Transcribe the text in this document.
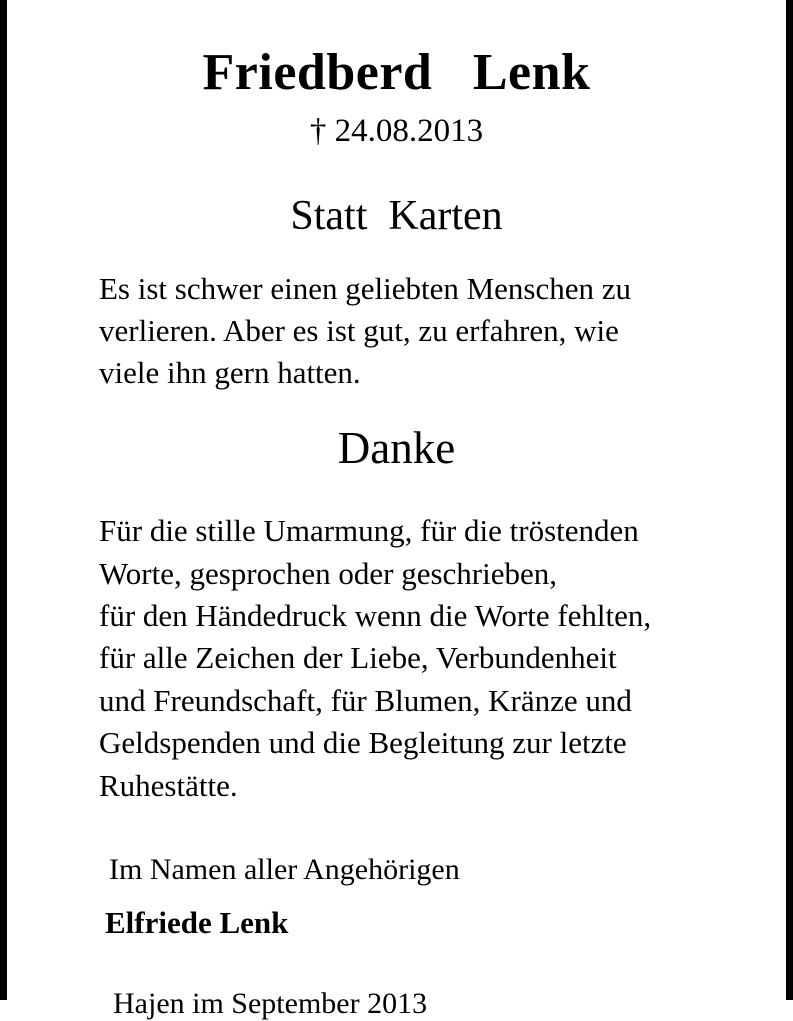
Friedberd   Lenk
† 24.08.2013
Statt  Karten
Es ist schwer einen geliebten Menschen zu
verlieren. Aber es ist gut, zu erfahren, wie
viele ihn gern hatten.
Danke
Für die stille Umarmung, für die tröstenden
Worte, gesprochen oder geschrieben,
für den Händedruck wenn die Worte fehlten,
für alle Zeichen der Liebe, Verbundenheit
und Freundschaft, für Blumen, Kränze und
Geldspenden und die Begleitung zur letzte
Ruhestätte.
Im Namen aller Angehörigen
Elfriede Lenk
Hajen im September 2013
